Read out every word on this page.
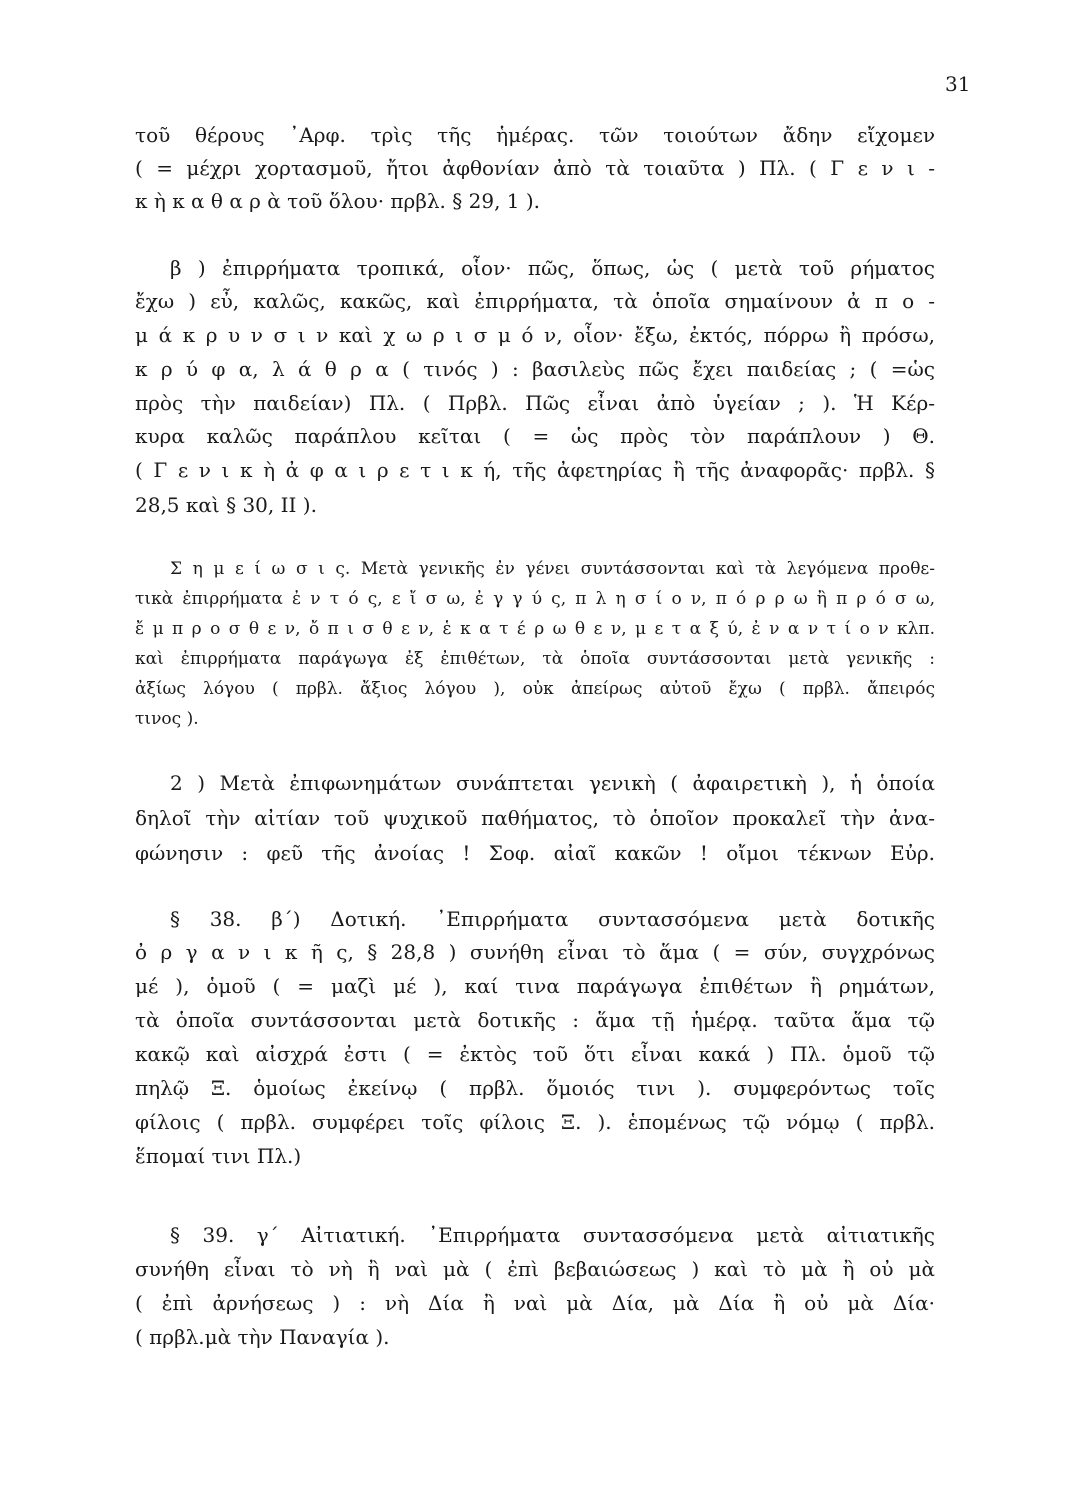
31
τοῦ θέρους ᾿Αρφ. τρὶς τῆς ἡμέρας. τῶν τοιούτων ἄδην εἴχομεν
( = μέχρι χορτασμοῦ, ἤτοι ἀφθονίαν ἀπὸ τὰ τοιαῦτα ) Πλ. ( Γ ε ν ι -
κ ὴ κ α θ α ρ ὰ τοῦ ὅλου· πρβλ. § 29, 1 ).
β ) ἐπιρρήματα τροπικά, οἷον· πῶς, ὅπως, ὡς ( μετὰ τοῦ ρήματος
ἔχω ) εὖ, καλῶς, κακῶς, καὶ ἐπιρρήματα, τὰ ὁποῖα σημαίνουν ἀ π ο -
μ ά κ ρ υ ν σ ι ν καὶ χ ω ρ ι σ μ ό ν, οἷον· ἔξω, ἐκτός, πόρρω ἢ πρόσω,
κ ρ ύ φ α, λ ά θ ρ α ( τινός ) : βασιλεὺς πῶς ἔχει παιδείας ; ( =ὡς
πρὸς τὴν παιδείαν) Πλ. ( Πρβλ. Πῶς εἶναι ἀπὸ ὑγείαν ; ). Ἡ Κέρ-
κυρα καλῶς παράπλου κεῖται ( = ὡς πρὸς τὸν παράπλουν ) Θ.
( Γ ε ν ι κ ὴ ἀ φ α ι ρ ε τ ι κ ή, τῆς ἀφετηρίας ἢ τῆς ἀναφορᾶς· πρβλ. §
28,5 καὶ § 30, ΙΙ ).
Σ η μ ε ί ω σ ι ς. Μετὰ γενικῆς ἐν γένει συντάσσονται καὶ τὰ λεγόμενα προθε-
τικὰ ἐπιρρήματα ἐ ν τ ό ς, ε ἴ σ ω, ἐ γ γ ύ ς, π λ η σ ί ο ν, π ό ρ ρ ω ἢ π ρ ό σ ω,
ἔ μ π ρ ο σ θ ε ν, ὄ π ι σ θ ε ν, ἑ κ α τ έ ρ ω θ ε ν, μ ε τ α ξ ύ, ἐ ν α ν τ ί ο ν κλπ.
καὶ ἐπιρρήματα παράγωγα ἐξ ἐπιθέτων, τὰ ὁποῖα συντάσσονται μετὰ γενικῆς :
ἀξίως λόγου ( πρβλ. ἄξιος λόγου ), οὐκ ἀπείρως αὐτοῦ ἔχω ( πρβλ. ἄπειρός
τινος ).
2 ) Μετὰ ἐπιφωνημάτων συνάπτεται γενικὴ ( ἀφαιρετικὴ ), ἡ ὁποία
δηλοῖ τὴν αἰτίαν τοῦ ψυχικοῦ παθήματος, τὸ ὁποῖον προκαλεῖ τὴν ἀνα-
φώνησιν : φεῦ τῆς ἀνοίας ! Σοφ. αἰαῖ κακῶν ! οἴμοι τέκνων Εὐρ.
§ 38. β΄) Δοτική. ᾿Επιρρήματα συντασσόμενα μετὰ δοτικῆς
ὀ ρ γ α ν ι κ ῆ ς, § 28,8 ) συνήθη εἶναι τὸ ἅμα ( = σύν, συγχρόνως
μέ ), ὁμοῦ ( = μαζὶ μέ ), καί τινα παράγωγα ἐπιθέτων ἢ ρημάτων,
τὰ ὁποῖα συντάσσονται μετὰ δοτικῆς : ἅμα τῇ ἡμέρᾳ. ταῦτα ἅμα τῷ
κακῷ καὶ αἰσχρά ἐστι ( = ἐκτὸς τοῦ ὅτι εἶναι κακά ) Πλ. ὁμοῦ τῷ
πηλῷ Ξ. ὁμοίως ἐκείνῳ ( πρβλ. ὅμοιός τινι ). συμφερόντως τοῖς
φίλοις ( πρβλ. συμφέρει τοῖς φίλοις Ξ. ). ἑπομένως τῷ νόμῳ ( πρβλ.
ἕπομαί τινι Πλ.)
§ 39. γ΄ Αἰτιατική. ᾿Επιρρήματα συντασσόμενα μετὰ αἰτιατικῆς
συνήθη εἶναι τὸ νὴ ἢ ναὶ μὰ ( ἐπὶ βεβαιώσεως ) καὶ τὸ μὰ ἢ οὐ μὰ
( ἐπὶ ἀρνήσεως ) : νὴ Δία ἢ ναὶ μὰ Δία, μὰ Δία ἢ οὐ μὰ Δία·
( πρβλ.μὰ τὴν Παναγία ).
